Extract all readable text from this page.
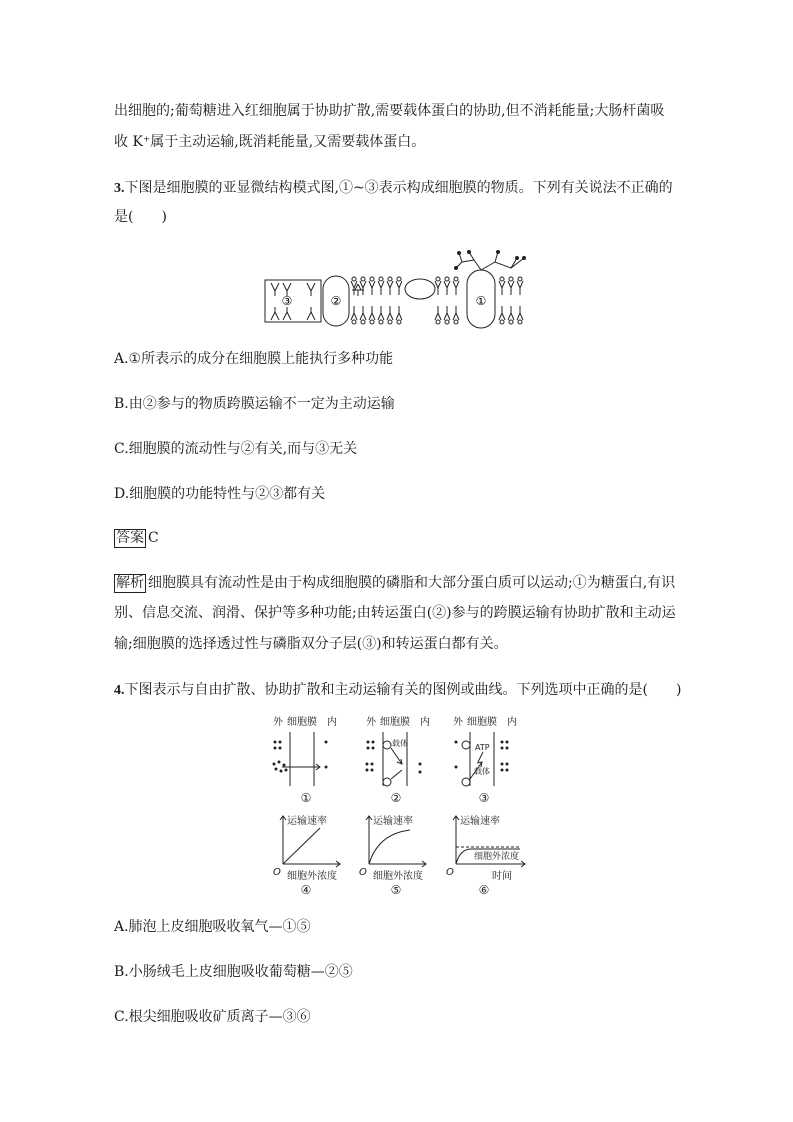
出细胞的;葡萄糖进入红细胞属于协助扩散,需要载体蛋白的协助,但不消耗能量;大肠杆菌吸
收 K⁺属于主动运输,既消耗能量,又需要载体蛋白。
3.下图是细胞膜的亚显微结构模式图,①~③表示构成细胞膜的物质。下列有关说法不正确的
是(　　)
③	②	①
A.①所表示的成分在细胞膜上能执行多种功能
B.由②参与的物质跨膜运输不一定为主动运输
C.细胞膜的流动性与②有关,而与③无关
D.细胞膜的功能特性与②③都有关
答案 C
解析 细胞膜具有流动性是由于构成细胞膜的磷脂和大部分蛋白质可以运动;①为糖蛋白,有识
别、信息交流、润滑、保护等多种功能;由转运蛋白(②)参与的跨膜运输有协助扩散和主动运
输;细胞膜的选择透过性与磷脂双分子层(③)和转运蛋白都有关。
4.下图表示与自由扩散、协助扩散和主动运输有关的图例或曲线。下列选项中正确的是(　　)
外 细胞膜 内	外 细胞膜 内 外 细胞膜 内
载体	ATP
载体
①	②	③
运输速率	运输速率	运输速率
细胞外浓度	细胞外浓度
细胞外浓度
时间
O	O	O
④	⑤	⑥
A.肺泡上皮细胞吸收氧气—①⑤
B.小肠绒毛上皮细胞吸收葡萄糖—②⑤
C.根尖细胞吸收矿质离子—③⑥
